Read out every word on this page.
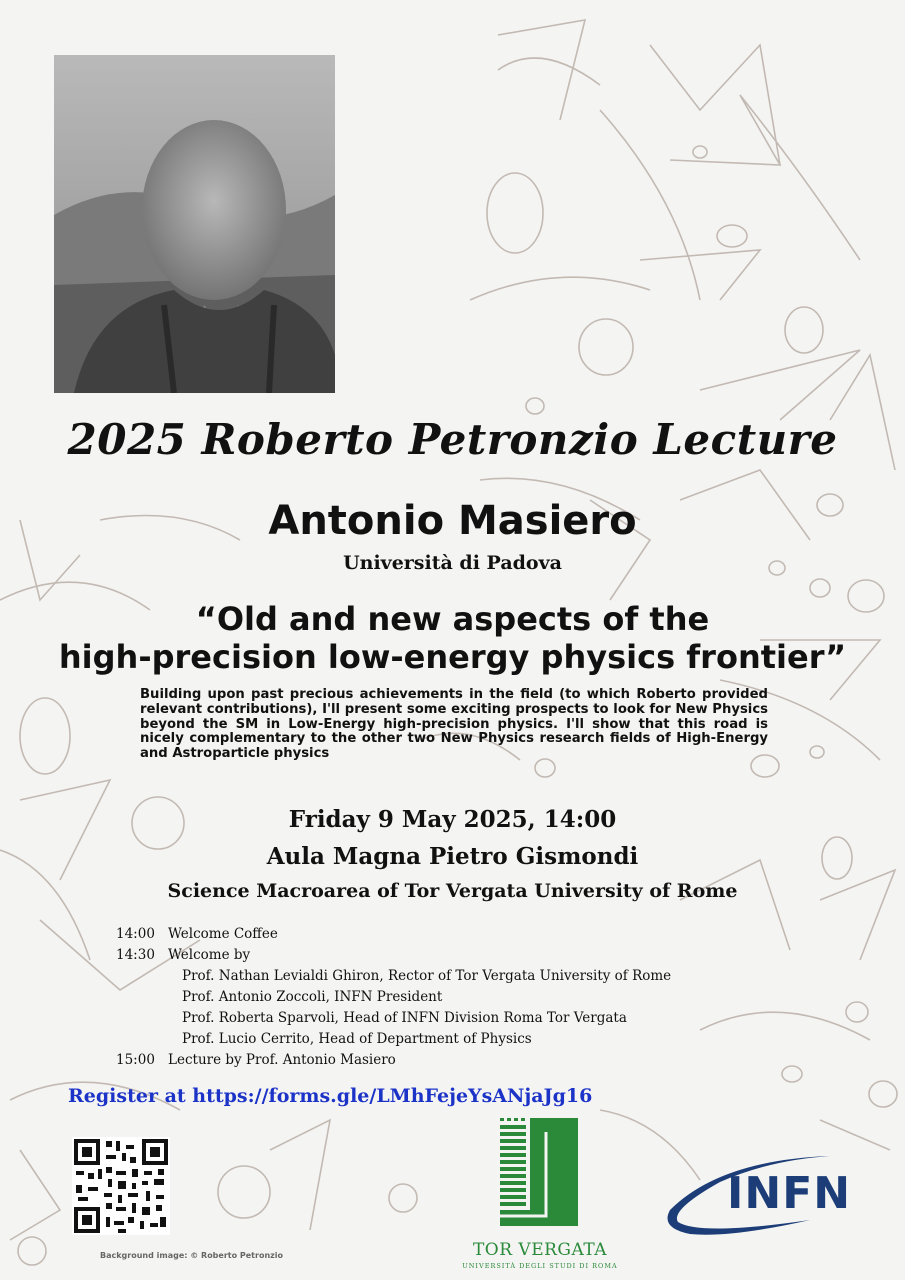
2025 Roberto Petronzio Lecture
Antonio Masiero
Università di Padova
“Old and new aspects of the
high-precision low-energy physics frontier”
Building upon past precious achievements in the field (to which Roberto provided relevant contributions), I'll present some exciting prospects to look for New Physics beyond the SM in Low-Energy high-precision physics. I'll show that this road is nicely complementary to the other two New Physics research fields of High-Energy and Astroparticle physics
Friday 9 May 2025, 14:00
Aula Magna Pietro Gismondi
Science Macroarea of Tor Vergata University of Rome
14:00 Welcome Coffee
14:30 Welcome by
Prof. Nathan Levialdi Ghiron, Rector of Tor Vergata University of Rome
Prof. Antonio Zoccoli, INFN President
Prof. Roberta Sparvoli, Head of INFN Division Roma Tor Vergata
Prof. Lucio Cerrito, Head of Department of Physics
15:00 Lecture by Prof. Antonio Masiero
Register at https://forms.gle/LMhFejeYsANjaJg16
Background image: © Roberto Petronzio	TOR VERGATA
UNIVERSITÀ DEGLI STUDI DI ROMA
INFN
